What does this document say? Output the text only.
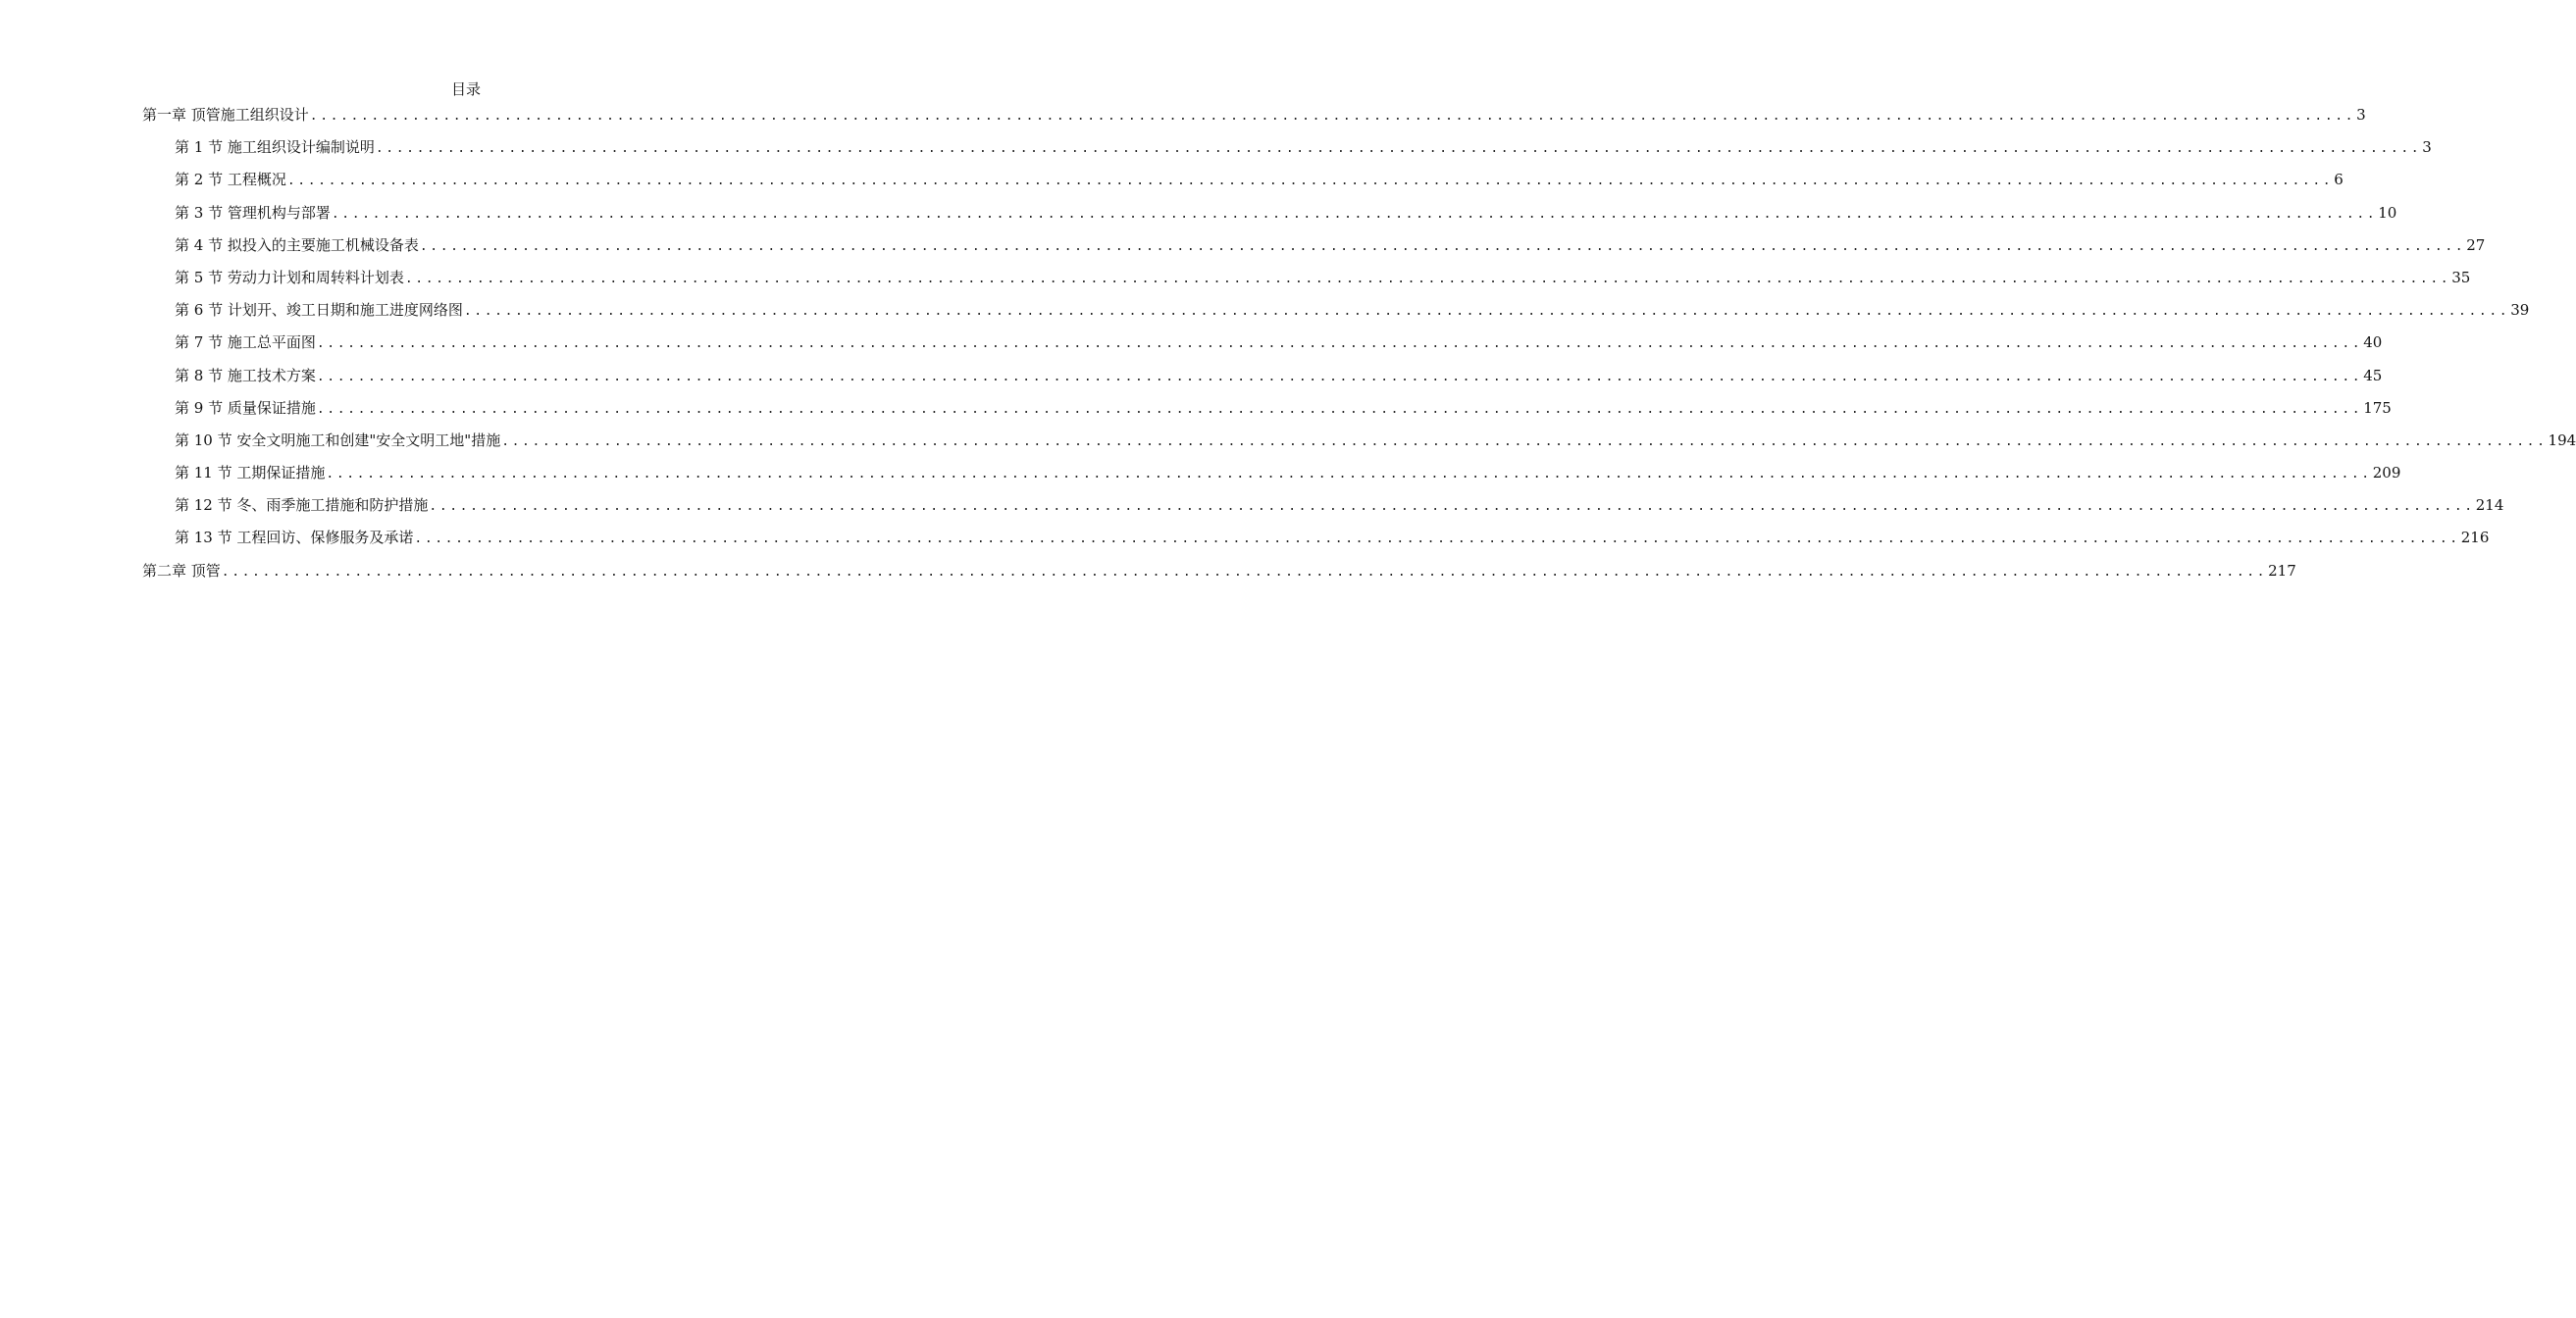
目录
第一章 顶管施工组织设计 ........................................................................................................................................................................................................ 3
第 1 节 施工组织设计编制说明 ........................................................................................................................................................................................................ 3
第 2 节 工程概况 ........................................................................................................................................................................................................ 6
第 3 节 管理机构与部署 ........................................................................................................................................................................................................ 10
第 4 节 拟投入的主要施工机械设备表 ........................................................................................................................................................................................................ 27
第 5 节 劳动力计划和周转料计划表 ........................................................................................................................................................................................................ 35
第 6 节 计划开、竣工日期和施工进度网络图 ........................................................................................................................................................................................................ 39
第 7 节 施工总平面图 ........................................................................................................................................................................................................ 40
第 8 节 施工技术方案 ........................................................................................................................................................................................................ 45
第 9 节 质量保证措施 ........................................................................................................................................................................................................ 175
第 10 节 安全文明施工和创建"安全文明工地"措施 ........................................................................................................................................................................................................ 194
第 11 节 工期保证措施 ........................................................................................................................................................................................................ 209
第 12 节 冬、雨季施工措施和防护措施 ........................................................................................................................................................................................................ 214
第 13 节 工程回访、保修服务及承诺 ........................................................................................................................................................................................................ 216
第二章 顶管 ........................................................................................................................................................................................................ 217
